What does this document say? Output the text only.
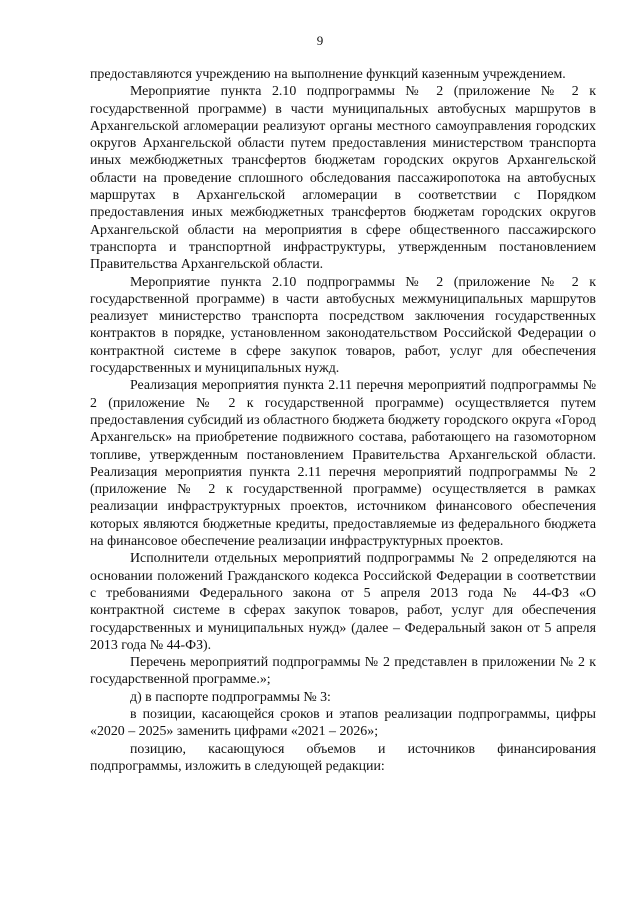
9

предоставляются учреждению на выполнение функций казенным учреждением.

Мероприятие пункта 2.10 подпрограммы № 2 (приложение № 2 к государственной программе) в части муниципальных автобусных маршрутов в Архангельской агломерации реализуют органы местного самоуправления городских округов Архангельской области путем предоставления министерством транспорта иных межбюджетных трансфертов бюджетам городских округов Архангельской области на проведение сплошного обследования пассажиропотока на автобусных маршрутах в Архангельской агломерации в соответствии с Порядком предоставления иных межбюджетных трансфертов бюджетам городских округов Архангельской области на мероприятия в сфере общественного пассажирского транспорта и транспортной инфраструктуры, утвержденным постановлением Правительства Архангельской области.

Мероприятие пункта 2.10 подпрограммы № 2 (приложение № 2 к государственной программе) в части автобусных межмуниципальных маршрутов реализует министерство транспорта посредством заключения государственных контрактов в порядке, установленном законодательством Российской Федерации о контрактной системе в сфере закупок товаров, работ, услуг для обеспечения государственных и муниципальных нужд.

Реализация мероприятия пункта 2.11 перечня мероприятий подпрограммы № 2 (приложение № 2 к государственной программе) осуществляется путем предоставления субсидий из областного бюджета бюджету городского округа «Город Архангельск» на приобретение подвижного состава, работающего на газомоторном топливе, утвержденным постановлением Правительства Архангельской области. Реализация мероприятия пункта 2.11 перечня мероприятий подпрограммы № 2 (приложение № 2 к государственной программе) осуществляется в рамках реализации инфраструктурных проектов, источником финансового обеспечения которых являются бюджетные кредиты, предоставляемые из федерального бюджета на финансовое обеспечение реализации инфраструктурных проектов.

Исполнители отдельных мероприятий подпрограммы № 2 определяются на основании положений Гражданского кодекса Российской Федерации в соответствии с требованиями Федерального закона от 5 апреля 2013 года № 44-ФЗ «О контрактной системе в сферах закупок товаров, работ, услуг для обеспечения государственных и муниципальных нужд» (далее – Федеральный закон от 5 апреля 2013 года № 44-ФЗ).

Перечень мероприятий подпрограммы № 2 представлен в приложении № 2 к государственной программе.»;

д) в паспорте подпрограммы № 3:

в позиции, касающейся сроков и этапов реализации подпрограммы, цифры «2020 – 2025» заменить цифрами «2021 – 2026»;

позицию, касающуюся объемов и источников финансирования подпрограммы, изложить в следующей редакции:
